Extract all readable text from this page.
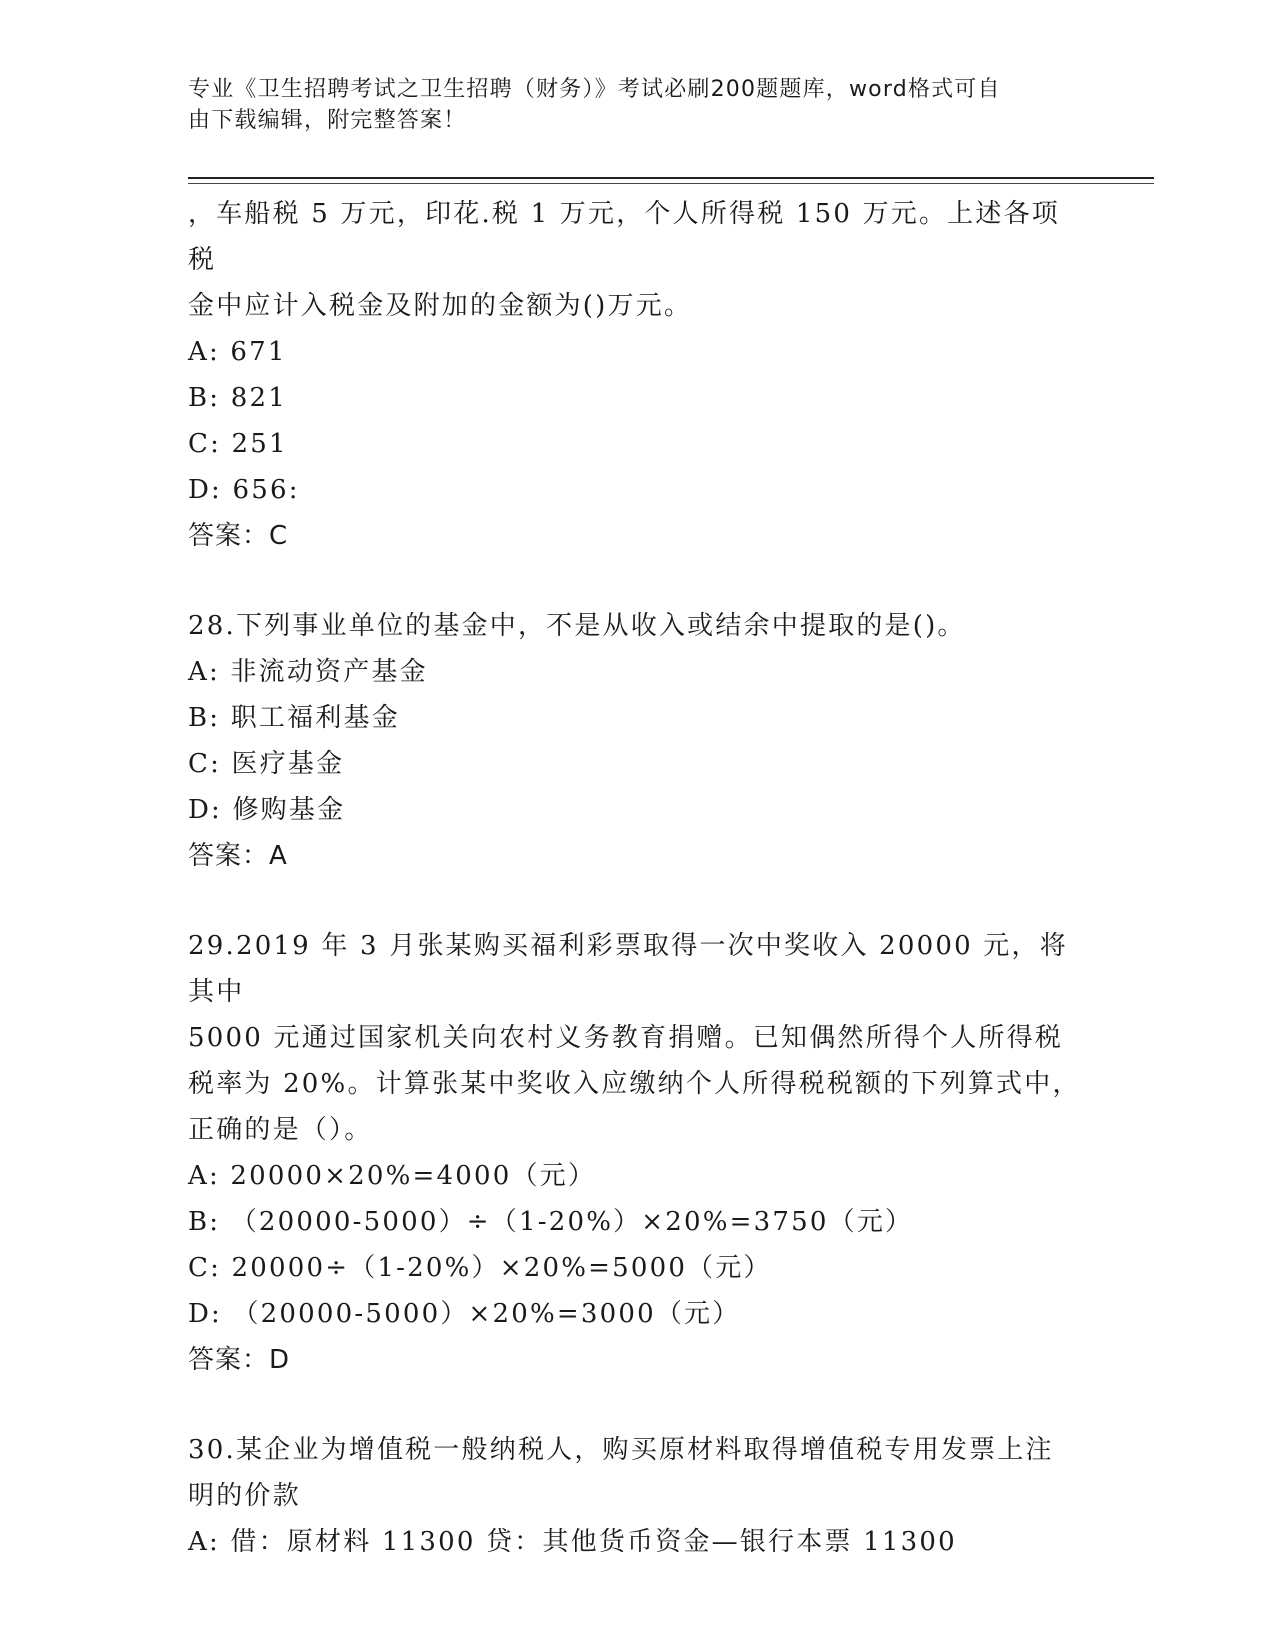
专业《卫生招聘考试之卫生招聘（财务）》考试必刷200题题库，word格式可自
由下载编辑，附完整答案！

，车船税 5 万元，印花.税 1 万元，个人所得税 150 万元。上述各项税

金中应计入税金及附加的金额为()万元。

A: 671

B: 821

C: 251

D: 656:

答案：C

28.下列事业单位的基金中，不是从收入或结余中提取的是()。

A: 非流动资产基金

B: 职工福利基金

C: 医疗基金

D: 修购基金

答案：A

29.2019 年 3 月张某购买福利彩票取得一次中奖收入 20000 元，将其中

5000 元通过国家机关向农村义务教育捐赠。已知偶然所得个人所得税

税率为 20%。计算张某中奖收入应缴纳个人所得税税额的下列算式中，

正确的是（）。

A: 20000×20%=4000（元）

B: （20000-5000）÷（1-20%）×20%=3750（元）

C: 20000÷（1-20%）×20%=5000（元）

D: （20000-5000）×20%=3000（元）

答案：D

30.某企业为增值税一般纳税人，购买原材料取得增值税专用发票上注

明的价款

A: 借：原材料 11300 贷：其他货币资金—银行本票 11300
